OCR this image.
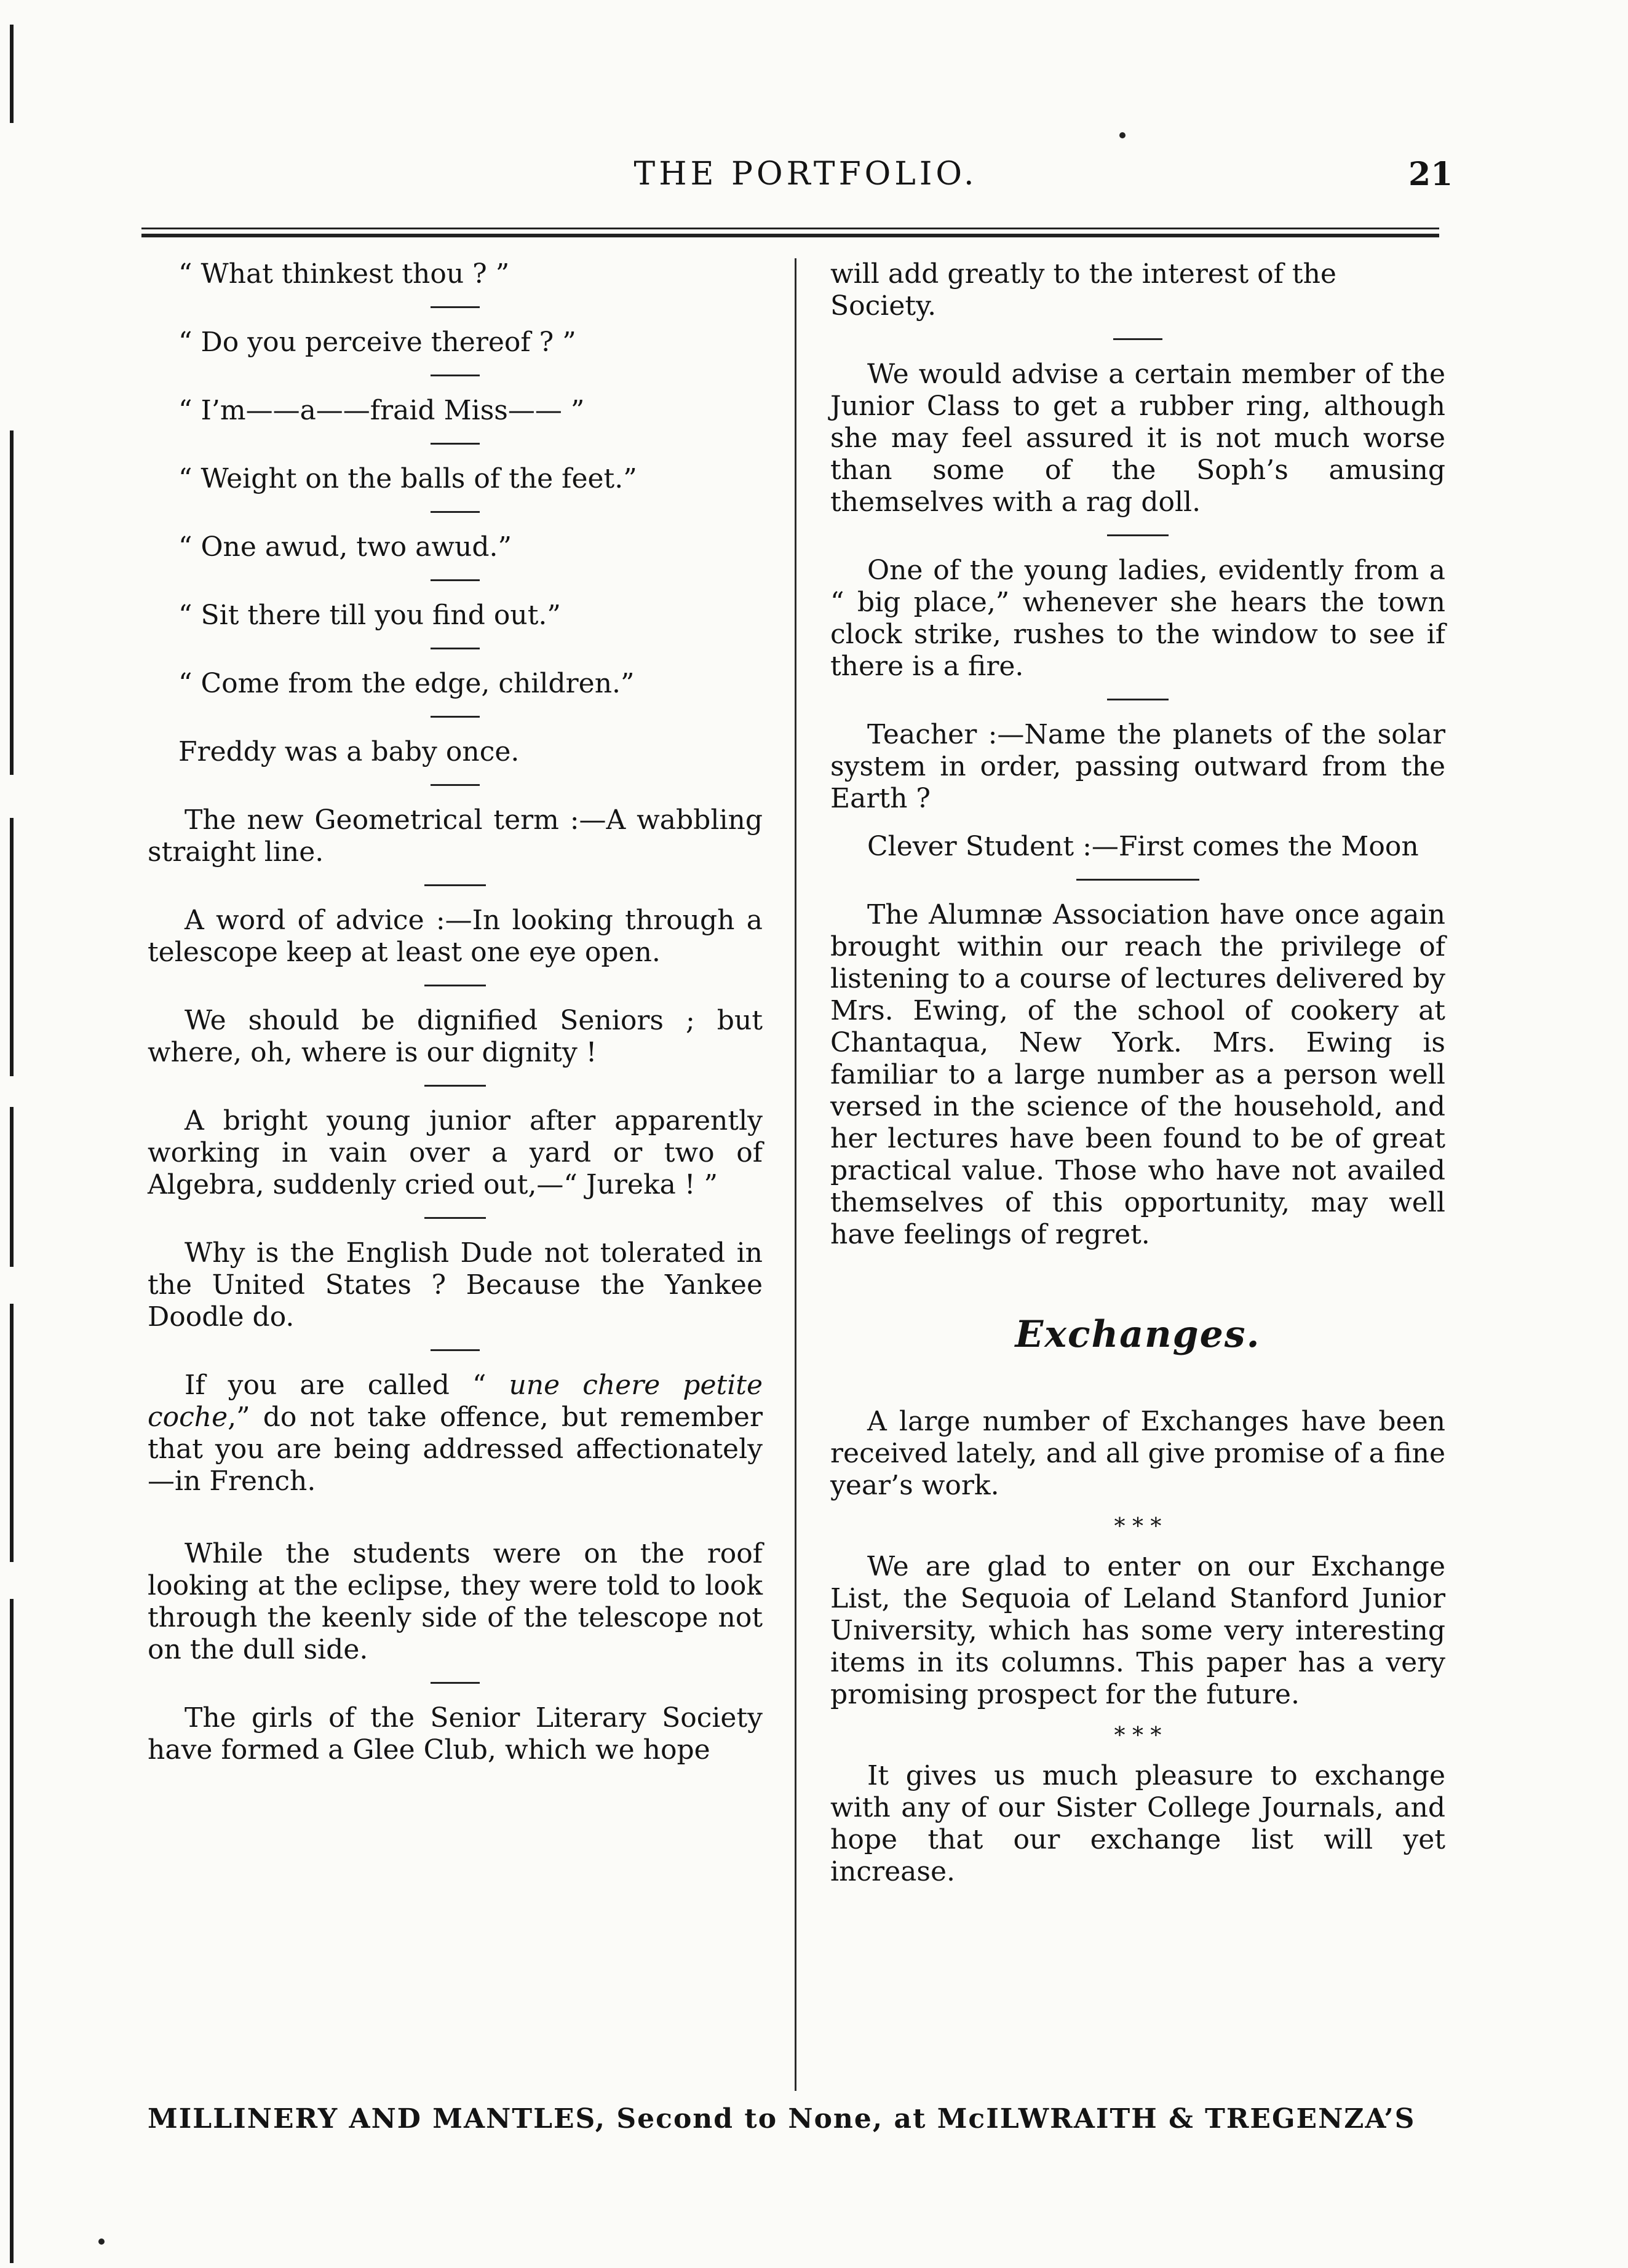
THE PORTFOLIO.	21
“ What thinkest thou ? ”
“ Do you perceive thereof ? ”
“ I’m——a——fraid Miss—— ”
“ Weight on the balls of the feet.”
“ One awud, two awud.”
“ Sit there till you find out.”
“ Come from the edge, children.”
Freddy was a baby once.
The new Geometrical term :—A wabbling straight line.
A word of advice :—In looking through a telescope keep at least one eye open.
We should be dignified Seniors ; but where, oh, where is our dignity !
A bright young junior after apparently working in vain over a yard or two of Algebra, suddenly cried out,—“ Jureka ! ”
Why is the English Dude not tolerated in the United States ? Because the Yankee Doodle do.
If you are called “ une chere petite coche,” do not take offence, but remember that you are being addressed affectionately—in French.
While the students were on the roof looking at the eclipse, they were told to look through the keenly side of the telescope not on the dull side.
The girls of the Senior Literary Society have formed a Glee Club, which we hope
will add greatly to the interest of the Society.
We would advise a certain member of the Junior Class to get a rubber ring, although she may feel assured it is not much worse than some of the Soph’s amusing themselves with a rag doll.
One of the young ladies, evidently from a “ big place,” whenever she hears the town clock strike, rushes to the window to see if there is a fire.
Teacher :—Name the planets of the solar system in order, passing outward from the Earth ?
Clever Student :—First comes the Moon
The Alumnæ Association have once again brought within our reach the privilege of listening to a course of lectures delivered by Mrs. Ewing, of the school of cookery at Chantaqua, New York. Mrs. Ewing is familiar to a large number as a person well versed in the science of the household, and her lectures have been found to be of great practical value. Those who have not availed themselves of this opportunity, may well have feelings of regret.
Exchanges.
A large number of Exchanges have been received lately, and all give promise of a fine year’s work.
* * *
We are glad to enter on our Exchange List, the Sequoia of Leland Stanford Junior University, which has some very interesting items in its columns. This paper has a very promising prospect for the future.
* * *
It gives us much pleasure to exchange with any of our Sister College Journals, and hope that our exchange list will yet increase.
MILLINERY AND MANTLES, Second to None, at McILWRAITH & TREGENZA’S
